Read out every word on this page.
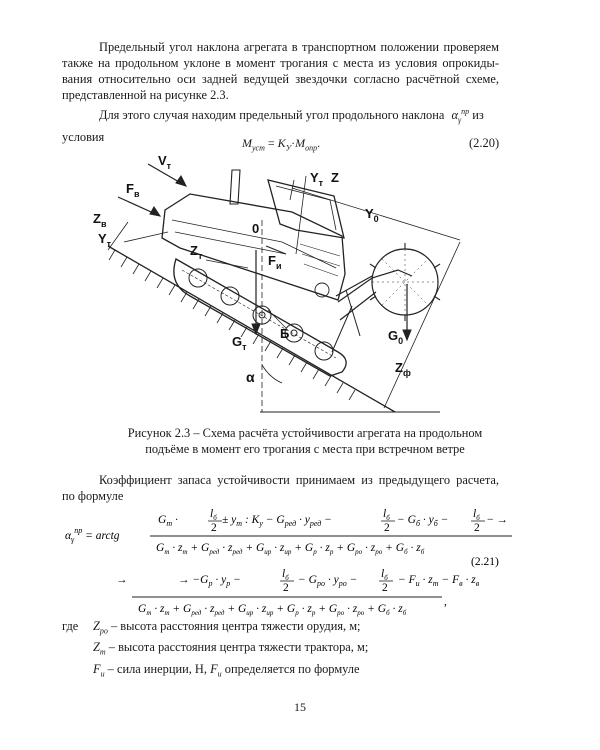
Предельный угол наклона агрегата в транспортном положении проверяем
также на продольном уклоне в момент трогания с места из условия опрокиды-
вания относительно оси задней ведущей звездочки согласно расчётной схеме,
представленной на рисунке 2.3.
Для этого случая находим предельный угол продольного наклона $\alpha_\gamma^{пр}$ из
условия	$M_{уст} = K_У\cdot M_{опр}$.	(2.20)
$V_т$
$F_в$
$Z_в$
$Y_т$
$Y_т$ Z
0
$Y_0$
$Z_т$	$F_и$
$G_т$
Б	$G_0$
α
$Z_ф$
Рисунок 2.3 – Схема расчёта устойчивости агрегата на продольном
подъёме в момент его трогания с места при встречном ветре
Коэффициент запаса устойчивости принимаем из предыдущего расчета,
по формуле
$\alpha_\gamma^{пр}$ = arctg
$G_т$ ·	$l_б$
2
± $y_т$ : $K_у - G_{ред} \cdot y_{ред}$ −	$l_б$
2
− $G_б \cdot y_б - l_б$
2
− →
$G_т \cdot z_т + G_{ред} \cdot z_{ред} + G_{ир} \cdot z_{ир} + G_р \cdot z_р + G_{ро} \cdot z_{ро} + G_б \cdot z_б$
(2.21)
→	→ $-G_р \cdot y_р$ −	$l_б$
2
− $G_{ро} \cdot y_{ро} - l_б$
2
− $F_и \cdot z_т - F_в \cdot z_в$
$G_т \cdot z_т + G_{ред} \cdot z_{ред} + G_{ир} \cdot z_{ир} + G_р \cdot z_р + G_{ро} \cdot z_{ро} + G_б \cdot z_б$
,
где $Z_{ро}$ – высота расстояния центра тяжести орудия, м;
$Z_т$ – высота расстояния центра тяжести трактора, м;
$F_и$ – сила инерции, Н, $F_и$ определяется по формуле
15
